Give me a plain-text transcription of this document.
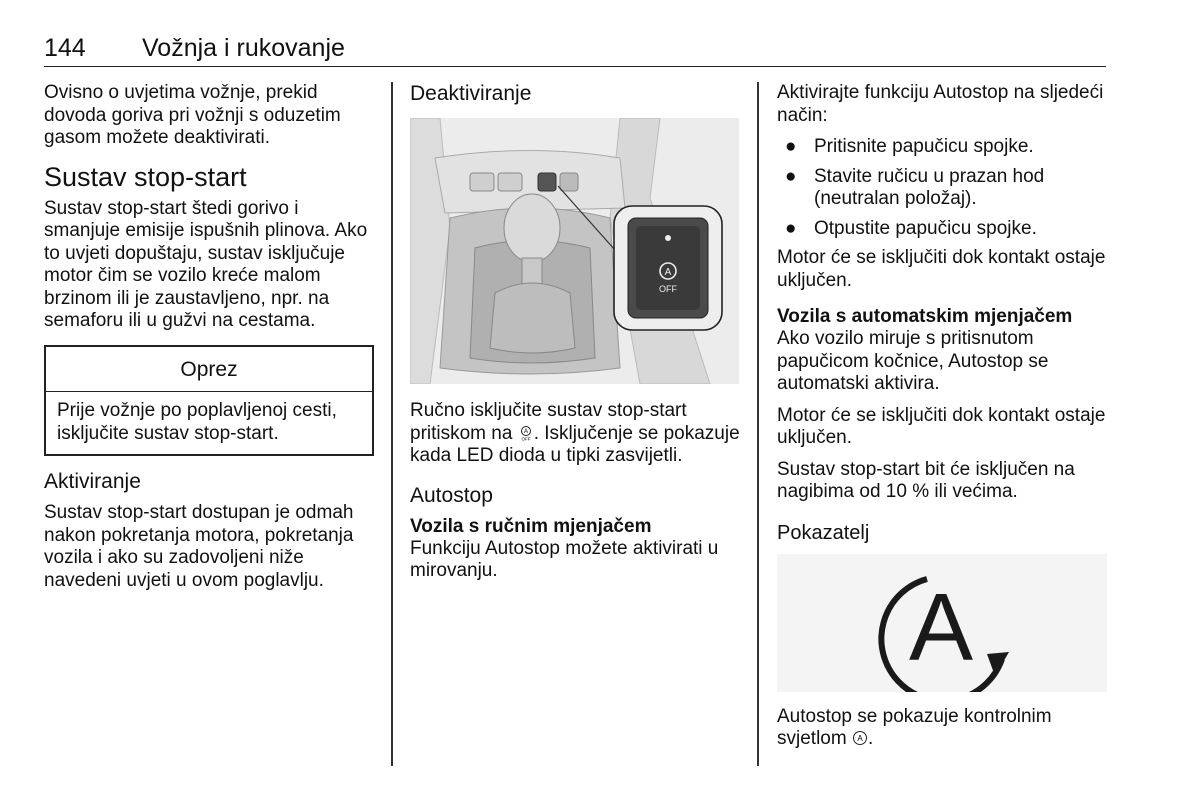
144 Vožnja i rukovanje

Ovisno o uvjetima vožnje, prekid dovoda goriva pri vožnji s oduzetim gasom možete deaktivirati.

Sustav stop-start

Sustav stop-start štedi gorivo i smanjuje emisije ispušnih plinova. Ako to uvjeti dopuštaju, sustav isključuje motor čim se vozilo kreće malom brzinom ili je zaustavljeno, npr. na semaforu ili u gužvi na cestama.

Oprez
Prije vožnje po poplavljenoj cesti, isključite sustav stop-start.
Aktiviranje

Sustav stop-start dostupan je odmah nakon pokretanja motora, pokretanja vozila i ako su zadovoljeni niže navedeni uvjeti u ovom poglavlju.

Deaktiviranje
A
OFF

Ručno isključite sustav stop-start pritiskom na A
OFF . Isključenje se pokazuje kada LED dioda u tipki zasvijetli.

Autostop
Vozila s ručnim mjenjačem

Funkciju Autostop možete aktivirati u mirovanju.

Aktivirajte funkciju Autostop na sljedeći način:

● Pritisnite papučicu spojke.
● Stavite ručicu u prazan hod (neutralan položaj).
● Otpustite papučicu spojke.

Motor će se isključiti dok kontakt ostaje uključen.

Vozila s automatskim mjenjačem

Ako vozilo miruje s pritisnutom papučicom kočnice, Autostop se automatski aktivira.

Motor će se isključiti dok kontakt ostaje uključen.

Sustav stop-start bit će isključen na nagibima od 10 % ili većima.

Pokazatelj
A

Autostop se pokazuje kontrolnim svjetlom A .
